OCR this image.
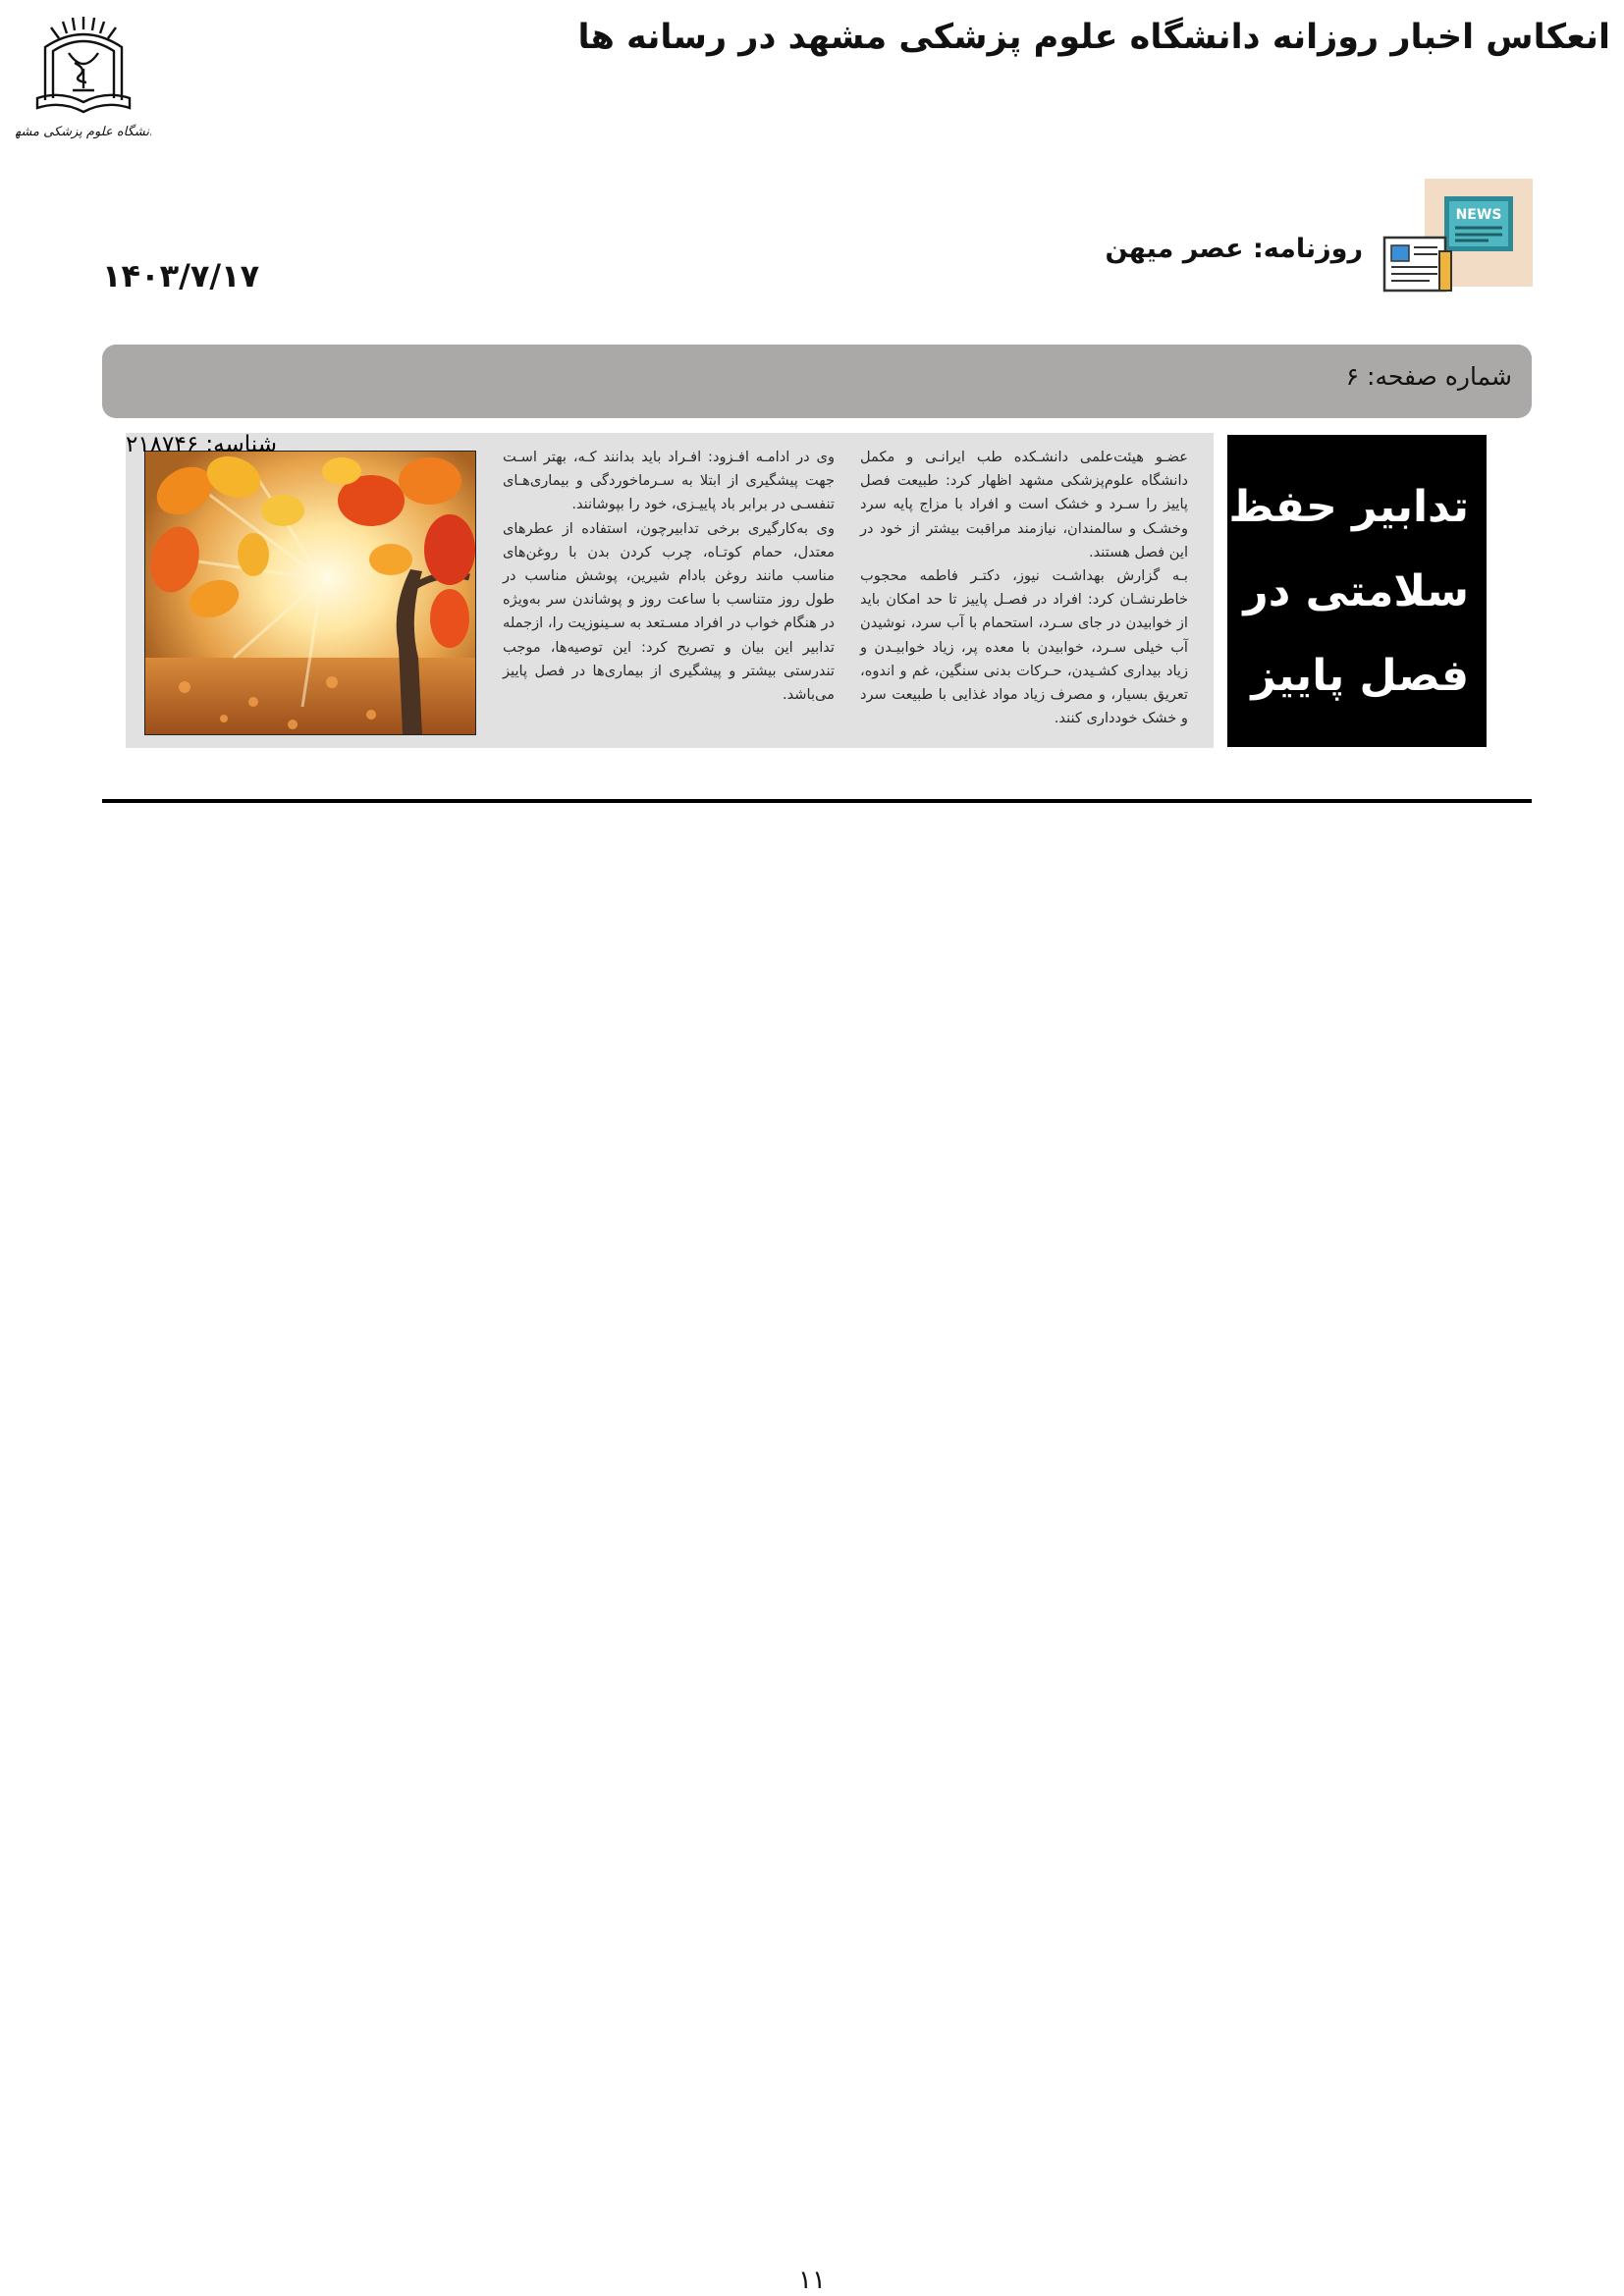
دانشگاه علوم پزشکی مشهد
انعکاس اخبار روزانه دانشگاه علوم پزشکی مشهد در رسانه ها
NEWS
روزنامه: عصر میهن
۱۴۰۳/۷/۱۷
شماره صفحه: ۶

وی در ادامـه افـزود: افـراد باید بدانند کـه، بهتر اسـت جهت پیشگیری از ابتلا به سـرماخوردگی و بیماری‌هـای تنفسـی در برابر باد پاییـزی، خود را بپوشانند.

وی به‌کارگیری برخی تدابیرچون، استفاده از عطرهای معتدل، حمام کوتـاه، چرب کردن بدن با روغن‌های مناسب مانند روغن بادام شیرین، پوشش مناسب در طول روز متناسب با ساعت روز و پوشاندن سر به‌ویژه در هنگام خواب در افراد مسـتعد به سـینوزیت را، ازجمله تدابیر این بیان و تصریح کرد: این توصیه‌ها، موجب تندرستی بیشتر و پیشگیری از بیماری‌ها در فصل پاییز می‌باشد.

عضـو هیئت‌علمی دانشـکده طب ایرانـی و مکمل دانشگاه علوم‌پزشکی مشهد اظهار کرد: طبیعت فصل پاییز را سـرد و خشک است و افراد با مزاج پایه سرد وخشـک و سالمندان، نیازمند مراقبت بیشتر از خود در این فصل هستند.

بـه گزارش بهداشـت نیوز، دکتـر فاطمه محجوب خاطرنشـان کرد: افراد در فصـل پاییز تا حد امکان باید از خوابیدن در جای سـرد، استحمام با آب سرد، نوشیدن آب خیلی سـرد، خوابیدن با معده پر، زیاد خوابیـدن و زیاد بیداری کشـیدن، حـرکات بدنی سنگین، غم و اندوه، تعریق بسیار، و مصرف زیاد مواد غذایی با طبیعت سرد و خشک خودداری کنند.

تدابیر حفظ
سلامتی در
فصل پاییز
شناسه: ۲۱۸۷۴۶
۱۱
